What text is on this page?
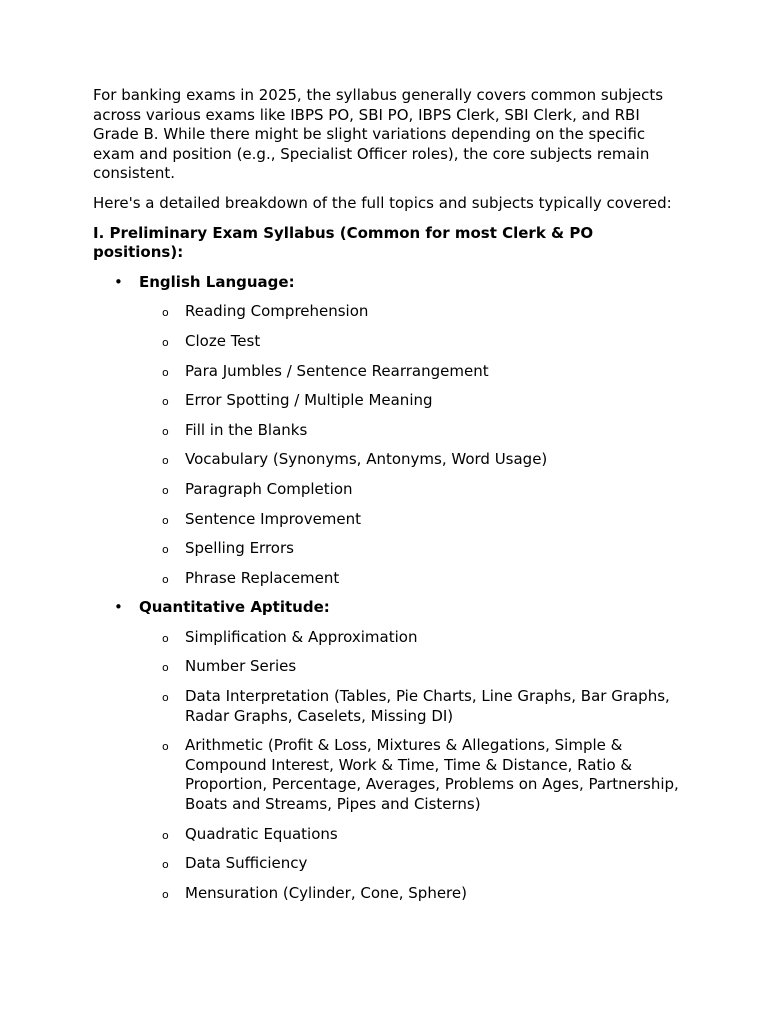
For banking exams in 2025, the syllabus generally covers common subjects across various exams like IBPS PO, SBI PO, IBPS Clerk, SBI Clerk, and RBI Grade B. While there might be slight variations depending on the specific exam and position (e.g., Specialist Officer roles), the core subjects remain consistent.

Here's a detailed breakdown of the full topics and subjects typically covered:

I. Preliminary Exam Syllabus (Common for most Clerk & PO positions):

• English Language:
o Reading Comprehension
o Cloze Test
o Para Jumbles / Sentence Rearrangement
o Error Spotting / Multiple Meaning
o Fill in the Blanks
o Vocabulary (Synonyms, Antonyms, Word Usage)
o Paragraph Completion
o Sentence Improvement
o Spelling Errors
o Phrase Replacement
• Quantitative Aptitude:
o Simplification & Approximation
o Number Series
o Data Interpretation (Tables, Pie Charts, Line Graphs, Bar Graphs, Radar Graphs, Caselets, Missing DI)
o Arithmetic (Profit & Loss, Mixtures & Allegations, Simple & Compound Interest, Work & Time, Time & Distance, Ratio & Proportion, Percentage, Averages, Problems on Ages, Partnership, Boats and Streams, Pipes and Cisterns)
o Quadratic Equations
o Data Sufficiency
o Mensuration (Cylinder, Cone, Sphere)
